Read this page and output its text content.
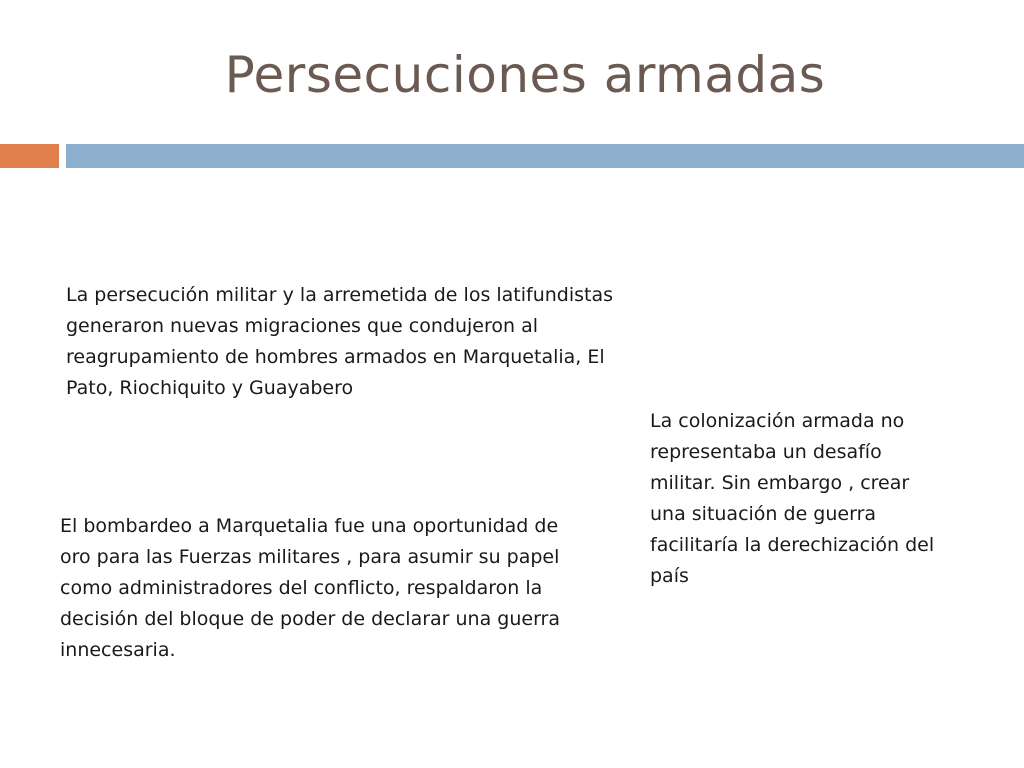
Persecuciones armadas

La persecución militar y la arremetida de los latifundistas generaron nuevas migraciones que condujeron al reagrupamiento de hombres armados en Marquetalia, El Pato, Riochiquito y Guayabero

La colonización armada no representaba un desafío militar. Sin embargo , crear una situación de guerra facilitaría la derechización del país

El bombardeo a Marquetalia fue una oportunidad de oro para las Fuerzas militares , para asumir su papel como administradores del conflicto, respaldaron la decisión del bloque de poder de declarar una guerra innecesaria.
